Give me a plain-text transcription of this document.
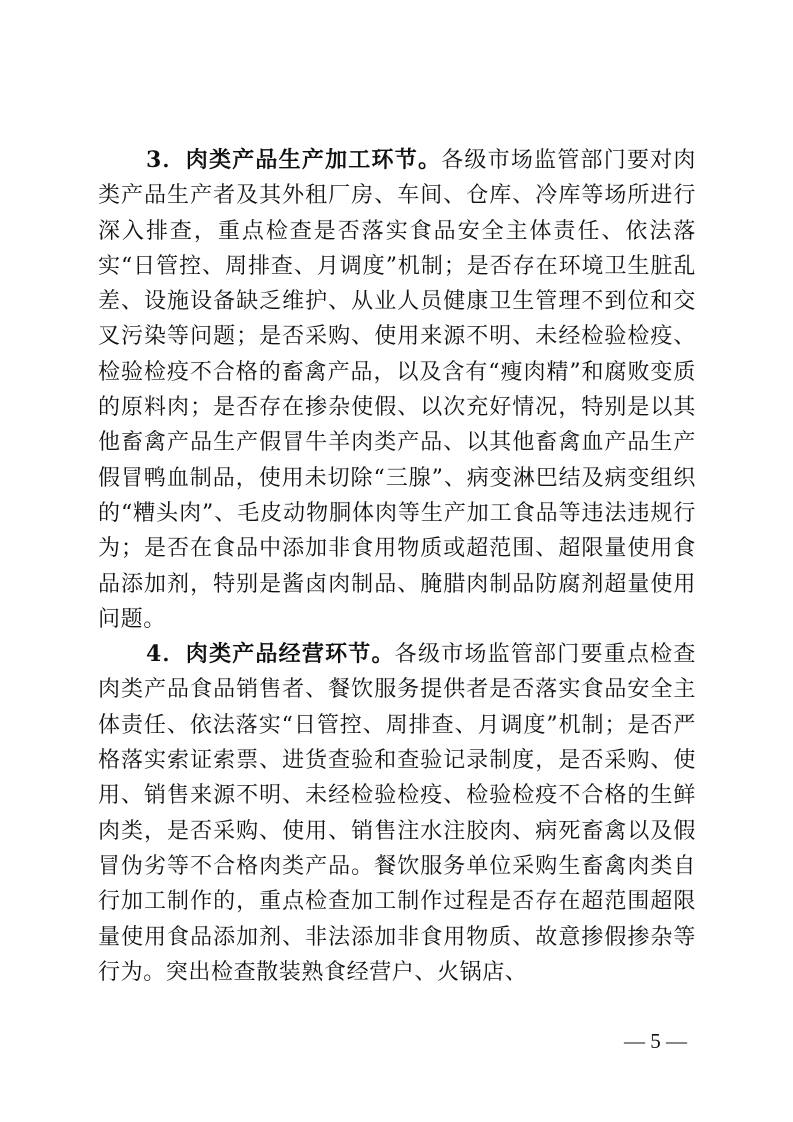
3．肉类产品生产加工环节。各级市场监管部门要对肉类产品生产者及其外租厂房、车间、仓库、冷库等场所进行深入排查，重点检查是否落实食品安全主体责任、依法落实“日管控、周排查、月调度”机制；是否存在环境卫生脏乱差、设施设备缺乏维护、从业人员健康卫生管理不到位和交叉污染等问题；是否采购、使用来源不明、未经检验检疫、检验检疫不合格的畜禽产品，以及含有“瘦肉精”和腐败变质的原料肉；是否存在掺杂使假、以次充好情况，特别是以其他畜禽产品生产假冒牛羊肉类产品、以其他畜禽血产品生产假冒鸭血制品，使用未切除“三腺”、病变淋巴结及病变组织的“糟头肉”、毛皮动物胴体肉等生产加工食品等违法违规行为；是否在食品中添加非食用物质或超范围、超限量使用食品添加剂，特别是酱卤肉制品、腌腊肉制品防腐剂超量使用问题。

4．肉类产品经营环节。各级市场监管部门要重点检查肉类产品食品销售者、餐饮服务提供者是否落实食品安全主体责任、依法落实“日管控、周排查、月调度”机制；是否严格落实索证索票、进货查验和查验记录制度，是否采购、使用、销售来源不明、未经检验检疫、检验检疫不合格的生鲜肉类，是否采购、使用、销售注水注胶肉、病死畜禽以及假冒伪劣等不合格肉类产品。餐饮服务单位采购生畜禽肉类自行加工制作的，重点检查加工制作过程是否存在超范围超限量使用食品添加剂、非法添加非食用物质、故意掺假掺杂等行为。突出检查散装熟食经营户、火锅店、

— 5 —
